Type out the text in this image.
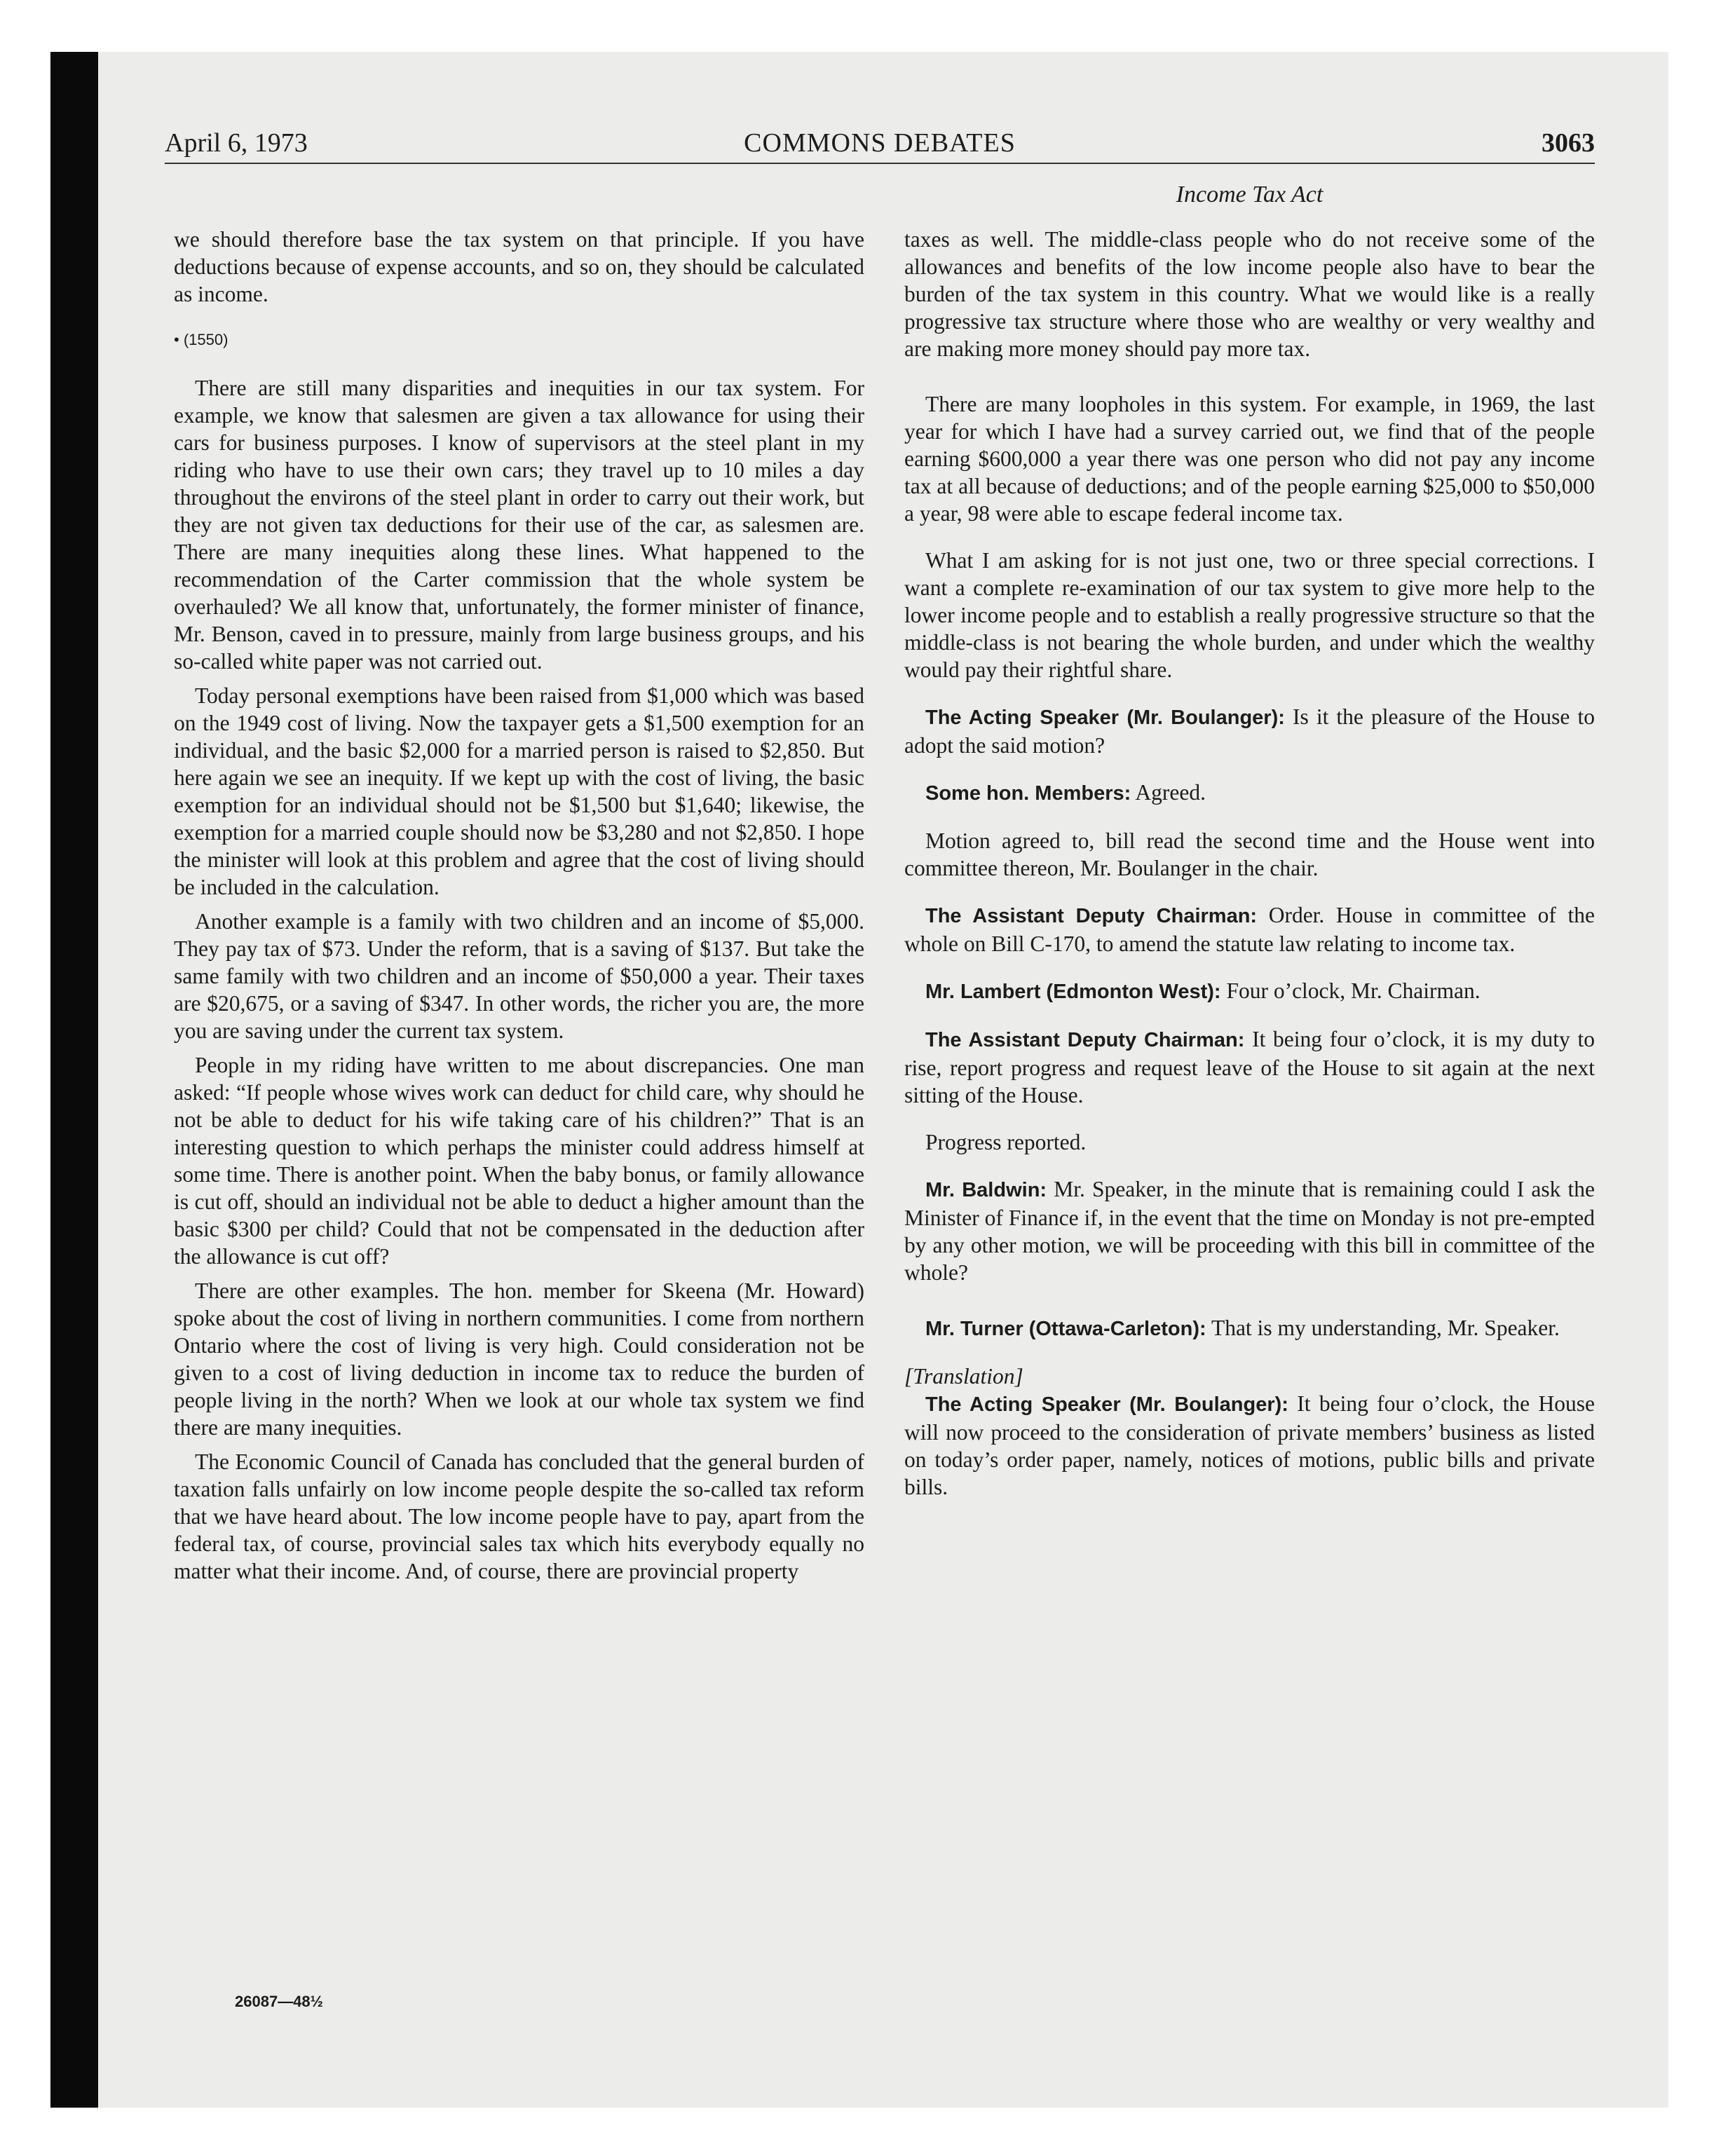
April 6, 1973	COMMONS DEBATES	3063
Income Tax Act

we should therefore base the tax system on that principle. If you have deductions because of expense accounts, and so on, they should be calculated as income.

• (1550)

There are still many disparities and inequities in our tax system. For example, we know that salesmen are given a tax allowance for using their cars for business purposes. I know of supervisors at the steel plant in my riding who have to use their own cars; they travel up to 10 miles a day throughout the environs of the steel plant in order to carry out their work, but they are not given tax deductions for their use of the car, as salesmen are. There are many inequities along these lines. What happened to the recommendation of the Carter commission that the whole system be overhauled? We all know that, unfortunately, the former minister of finance, Mr. Benson, caved in to pressure, mainly from large business groups, and his so-called white paper was not carried out.

Today personal exemptions have been raised from $1,000 which was based on the 1949 cost of living. Now the taxpayer gets a $1,500 exemption for an individual, and the basic $2,000 for a married person is raised to $2,850. But here again we see an inequity. If we kept up with the cost of living, the basic exemption for an individual should not be $1,500 but $1,640; likewise, the exemption for a married couple should now be $3,280 and not $2,850. I hope the minister will look at this problem and agree that the cost of living should be included in the calculation.

Another example is a family with two children and an income of $5,000. They pay tax of $73. Under the reform, that is a saving of $137. But take the same family with two children and an income of $50,000 a year. Their taxes are $20,675, or a saving of $347. In other words, the richer you are, the more you are saving under the current tax system.

People in my riding have written to me about discrepancies. One man asked: “If people whose wives work can deduct for child care, why should he not be able to deduct for his wife taking care of his children?” That is an interesting question to which perhaps the minister could address himself at some time. There is another point. When the baby bonus, or family allowance is cut off, should an individual not be able to deduct a higher amount than the basic $300 per child? Could that not be compensated in the deduction after the allowance is cut off?

There are other examples. The hon. member for Skeena (Mr. Howard) spoke about the cost of living in northern communities. I come from northern Ontario where the cost of living is very high. Could consideration not be given to a cost of living deduction in income tax to reduce the burden of people living in the north? When we look at our whole tax system we find there are many inequities.

The Economic Council of Canada has concluded that the general burden of taxation falls unfairly on low income people despite the so-called tax reform that we have heard about. The low income people have to pay, apart from the federal tax, of course, provincial sales tax which hits everybody equally no matter what their income. And, of course, there are provincial property

taxes as well. The middle-class people who do not receive some of the allowances and benefits of the low income people also have to bear the burden of the tax system in this country. What we would like is a really progressive tax structure where those who are wealthy or very wealthy and are making more money should pay more tax.

There are many loopholes in this system. For example, in 1969, the last year for which I have had a survey carried out, we find that of the people earning $600,000 a year there was one person who did not pay any income tax at all because of deductions; and of the people earning $25,000 to $50,000 a year, 98 were able to escape federal income tax.

What I am asking for is not just one, two or three special corrections. I want a complete re-examination of our tax system to give more help to the lower income people and to establish a really progressive structure so that the middle-class is not bearing the whole burden, and under which the wealthy would pay their rightful share.

The Acting Speaker (Mr. Boulanger): Is it the pleasure of the House to adopt the said motion?

Some hon. Members: Agreed.

Motion agreed to, bill read the second time and the House went into committee thereon, Mr. Boulanger in the chair.

The Assistant Deputy Chairman: Order. House in committee of the whole on Bill C-170, to amend the statute law relating to income tax.

Mr. Lambert (Edmonton West): Four o’clock, Mr. Chairman.

The Assistant Deputy Chairman: It being four o’clock, it is my duty to rise, report progress and request leave of the House to sit again at the next sitting of the House.

Progress reported.

Mr. Baldwin: Mr. Speaker, in the minute that is remaining could I ask the Minister of Finance if, in the event that the time on Monday is not pre-empted by any other motion, we will be proceeding with this bill in committee of the whole?

Mr. Turner (Ottawa-Carleton): That is my understanding, Mr. Speaker.

[Translation]

The Acting Speaker (Mr. Boulanger): It being four o’clock, the House will now proceed to the consideration of private members’ business as listed on today’s order paper, namely, notices of motions, public bills and private bills.

26087—48½
